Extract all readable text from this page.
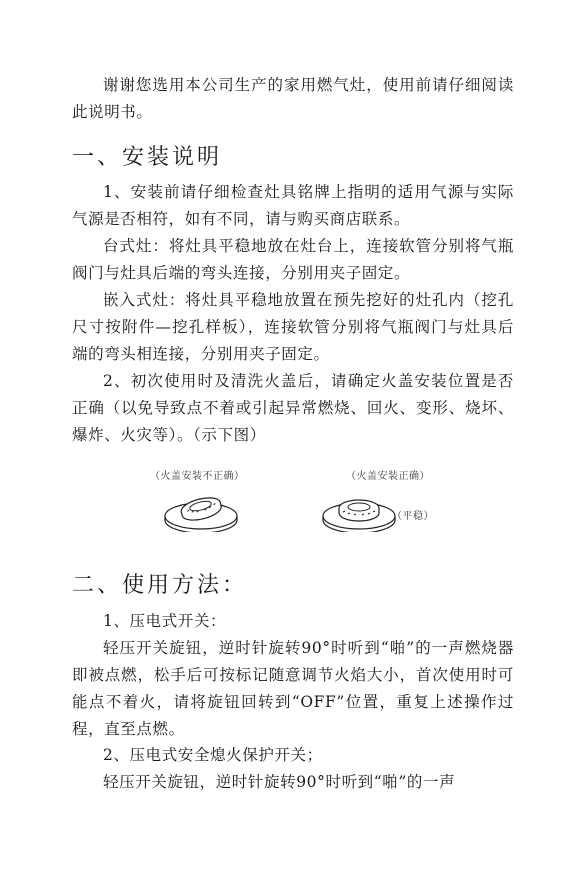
谢谢您选用本公司生产的家用燃气灶，使用前请仔细阅读此说明书。

一、安装说明

1、安装前请仔细检查灶具铭牌上指明的适用气源与实际气源是否相符，如有不同，请与购买商店联系。

台式灶：将灶具平稳地放在灶台上，连接软管分别将气瓶阀门与灶具后端的弯头连接，分别用夹子固定。

嵌入式灶：将灶具平稳地放置在预先挖好的灶孔内（挖孔尺寸按附件—挖孔样板），连接软管分别将气瓶阀门与灶具后端的弯头相连接，分别用夹子固定。

2、初次使用时及清洗火盖后，请确定火盖安装位置是否正确（以免导致点不着或引起异常燃烧、回火、变形、烧坏、爆炸、火灾等）。（示下图）

（火盖安装不正确）	（火盖安装正确）
（平稳）
二、使用方法：

1、压电式开关：

轻压开关旋钮，逆时针旋转90°时听到“啪”的一声燃烧器即被点燃，松手后可按标记随意调节火焰大小，首次使用时可能点不着火，请将旋钮回转到“OFF”位置，重复上述操作过程，直至点燃。

2、压电式安全熄火保护开关；

轻压开关旋钮，逆时针旋转90°时听到“啪”的一声
